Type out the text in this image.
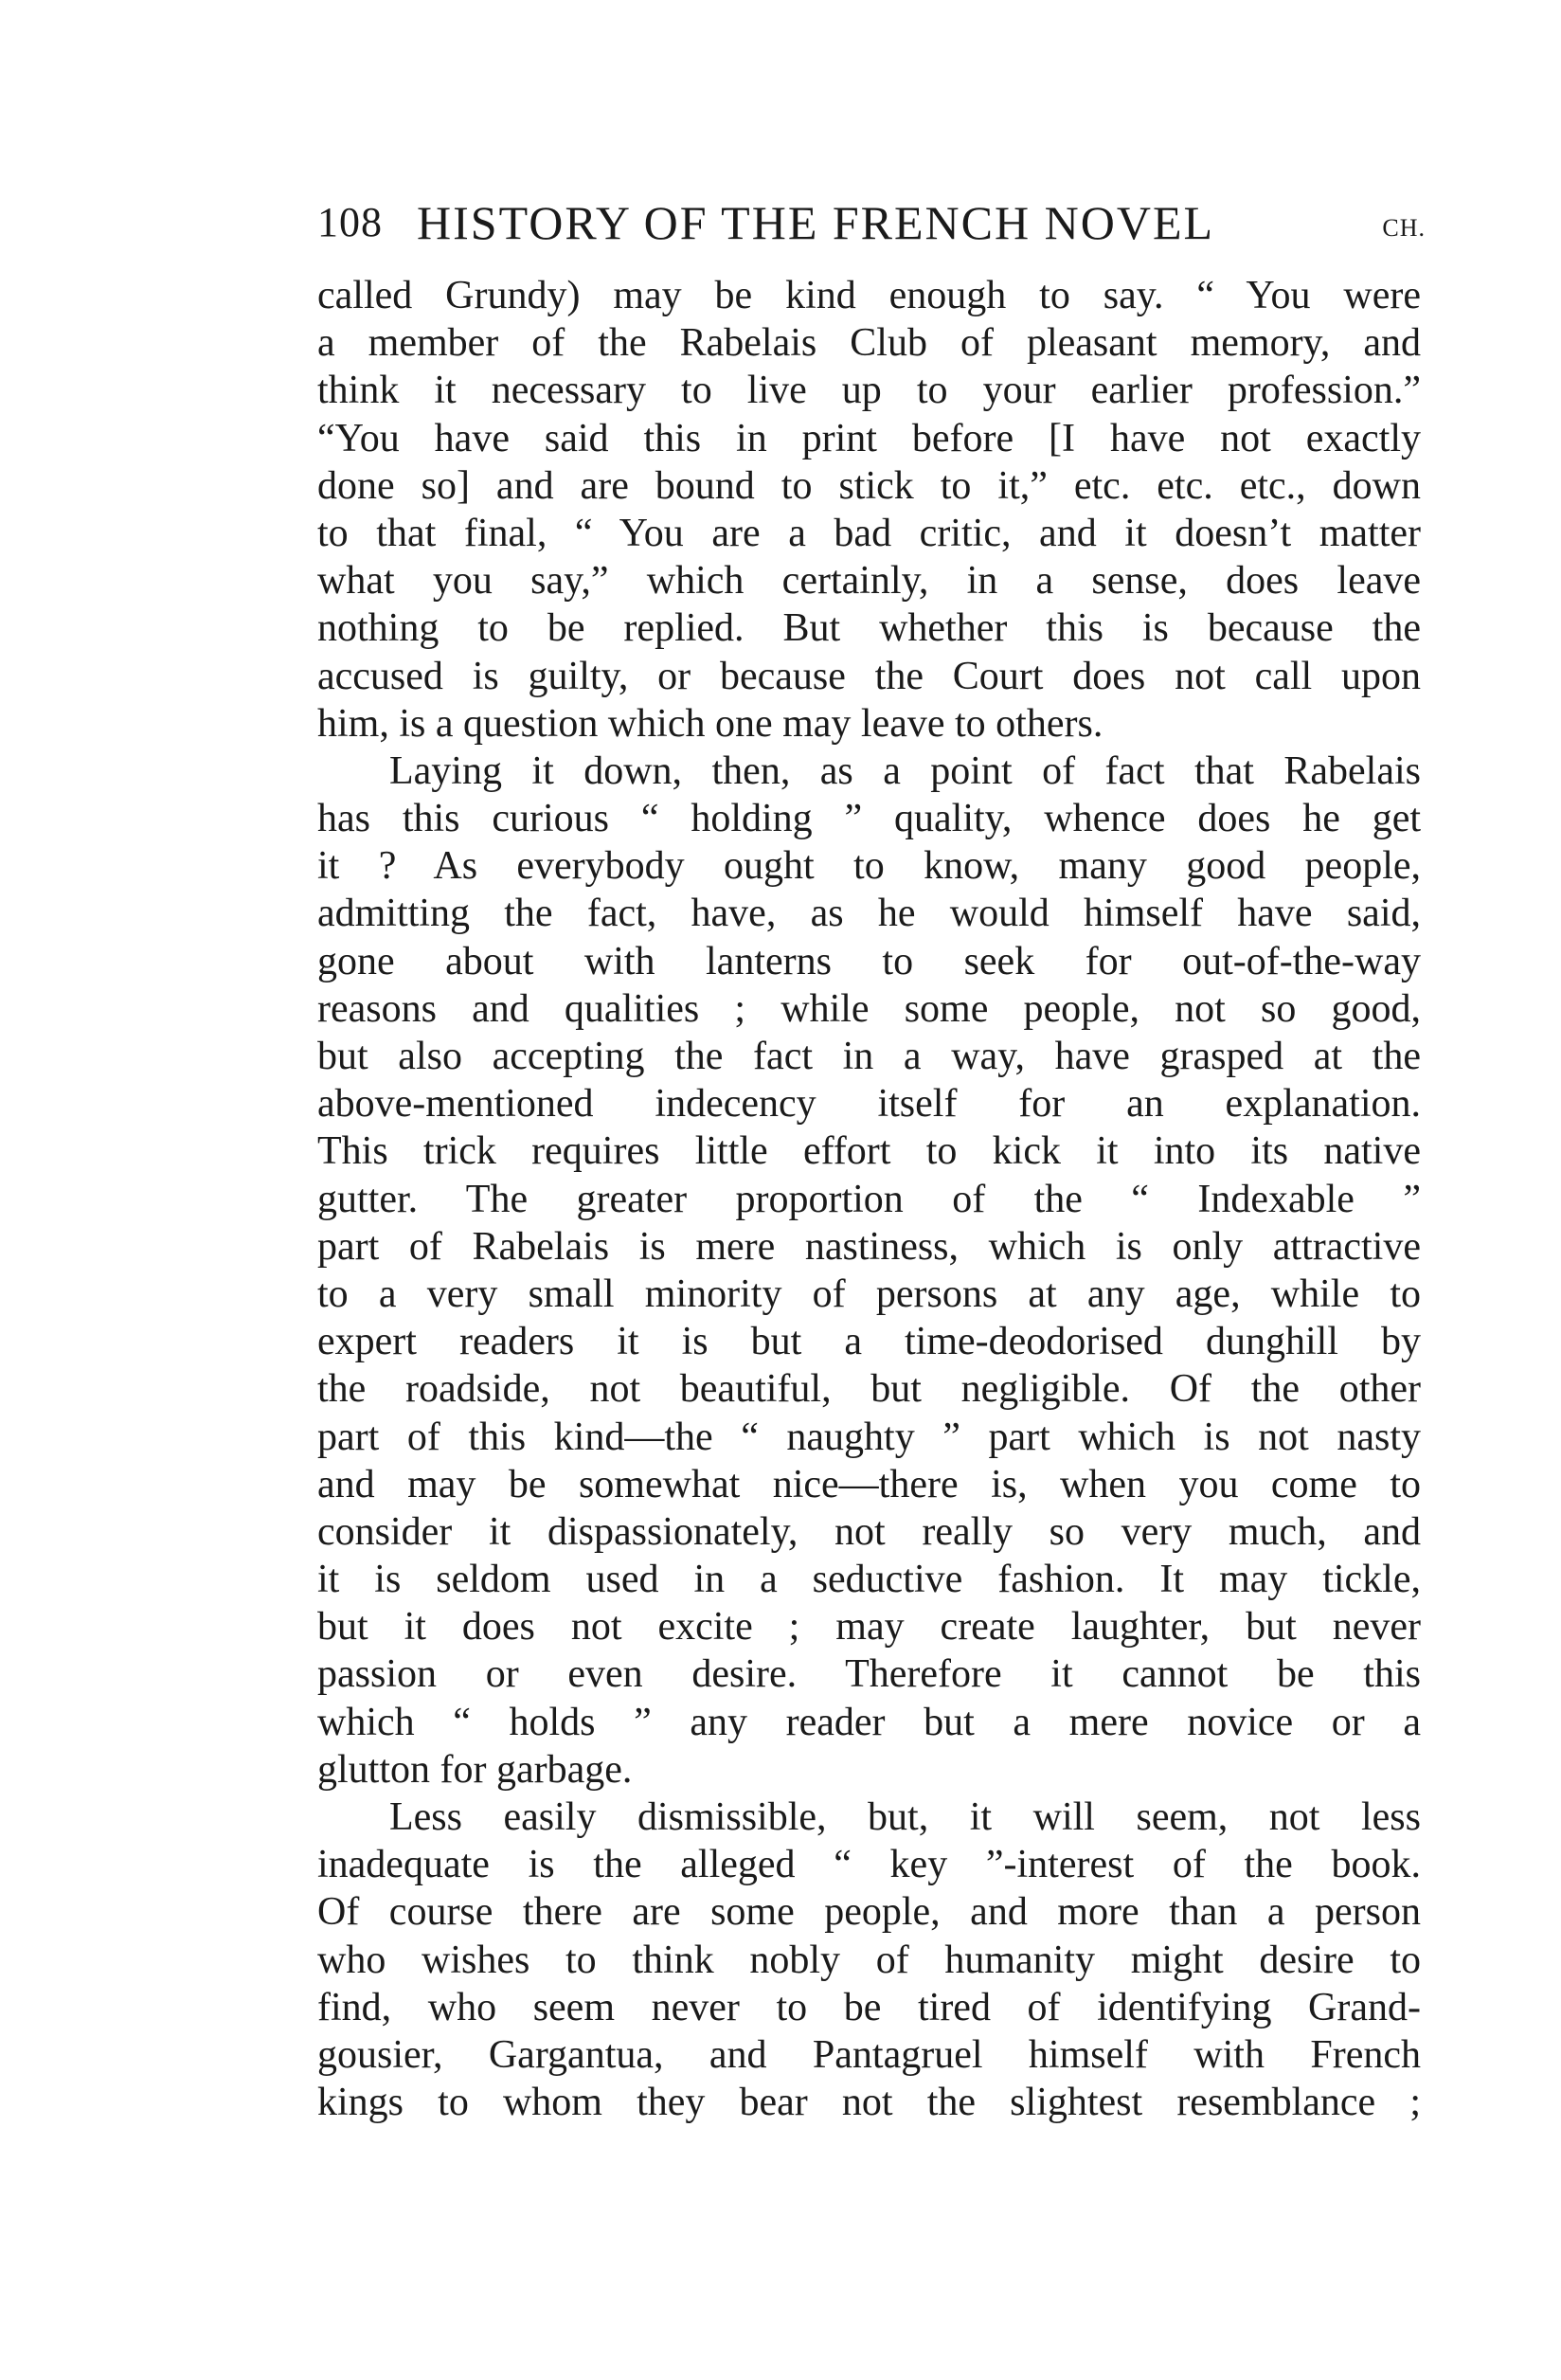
108 HISTORY OF THE FRENCH NOVEL	CH.
called Grundy) may be kind enough to say. “ You were
a member of the Rabelais Club of pleasant memory, and
think it necessary to live up to your earlier profession.”
“You have said this in print before [I have not exactly
done so] and are bound to stick to it,” etc. etc. etc., down
to that final, “ You are a bad critic, and it doesn’t matter
what you say,” which certainly, in a sense, does leave
nothing to be replied. But whether this is because the
accused is guilty, or because the Court does not call upon
him, is a question which one may leave to others.
Laying it down, then, as a point of fact that Rabelais
has this curious “ holding ” quality, whence does he get
it ? As everybody ought to know, many good people,
admitting the fact, have, as he would himself have said,
gone about with lanterns to seek for out-of-the-way
reasons and qualities ; while some people, not so good,
but also accepting the fact in a way, have grasped at the
above-mentioned indecency itself for an explanation.
This trick requires little effort to kick it into its native
gutter. The greater proportion of the “ Indexable ”
part of Rabelais is mere nastiness, which is only attractive
to a very small minority of persons at any age, while to
expert readers it is but a time-deodorised dunghill by
the roadside, not beautiful, but negligible. Of the other
part of this kind—the “ naughty ” part which is not nasty
and may be somewhat nice—there is, when you come to
consider it dispassionately, not really so very much, and
it is seldom used in a seductive fashion. It may tickle,
but it does not excite ; may create laughter, but never
passion or even desire. Therefore it cannot be this
which “ holds ” any reader but a mere novice or a
glutton for garbage.
Less easily dismissible, but, it will seem, not less
inadequate is the alleged “ key ”-interest of the book.
Of course there are some people, and more than a person
who wishes to think nobly of humanity might desire to
find, who seem never to be tired of identifying Grand-
gousier, Gargantua, and Pantagruel himself with French
kings to whom they bear not the slightest resemblance ;
